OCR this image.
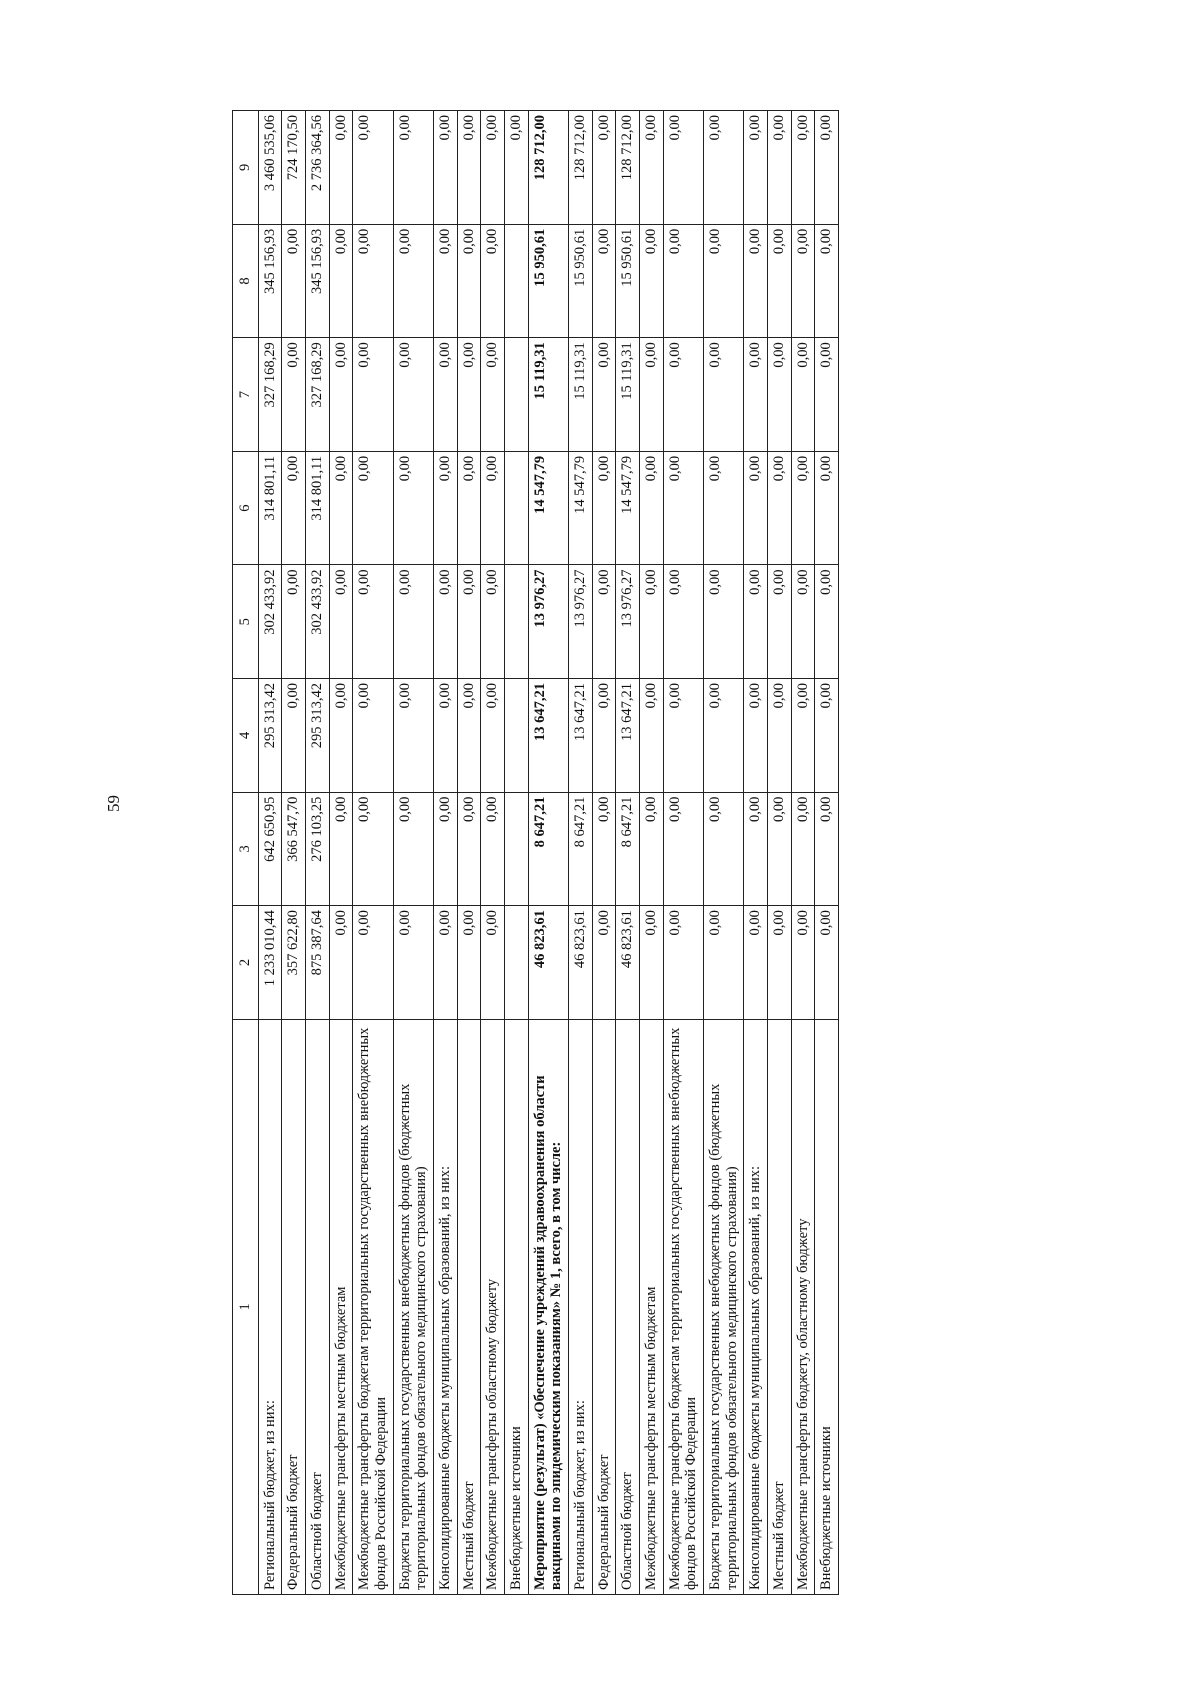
59
1	2	3	4	5	6	7	8	9
Региональный бюджет, из них:	1 233 010,44	642 650,95	295 313,42	302 433,92	314 801,11	327 168,29	345 156,93	3 460 535,06
Федеральный бюджет	357 622,80	366 547,70	0,00	0,00	0,00	0,00	0,00	724 170,50
Областной бюджет	875 387,64	276 103,25	295 313,42	302 433,92	314 801,11	327 168,29	345 156,93	2 736 364,56
Межбюджетные трансферты местным бюджетам	0,00	0,00	0,00	0,00	0,00	0,00	0,00	0,00
Межбюджетные трансферты бюджетам территориальных государственных внебюджетных фондов Российской Федерации	0,00	0,00	0,00	0,00	0,00	0,00	0,00	0,00
Бюджеты территориальных государственных внебюджетных фондов (бюджетных территориальных фондов обязательного медицинского страхования)	0,00	0,00	0,00	0,00	0,00	0,00	0,00	0,00
Консолидированные бюджеты муниципальных образований, из них:	0,00	0,00	0,00	0,00	0,00	0,00	0,00	0,00
Местный бюджет	0,00	0,00	0,00	0,00	0,00	0,00	0,00	0,00
Межбюджетные трансферты областному бюджету	0,00	0,00	0,00	0,00	0,00	0,00	0,00	0,00
Внебюджетные источники								0,00
Мероприятие (результат) «Обеспечение учреждений здравоохранения области вакцинами по эпидемическим показаниям» № 1, всего, в том числе:	46 823,61	8 647,21	13 647,21	13 976,27	14 547,79	15 119,31	15 950,61	128 712,00
Региональный бюджет, из них:	46 823,61	8 647,21	13 647,21	13 976,27	14 547,79	15 119,31	15 950,61	128 712,00
Федеральный бюджет	0,00	0,00	0,00	0,00	0,00	0,00	0,00	0,00
Областной бюджет	46 823,61	8 647,21	13 647,21	13 976,27	14 547,79	15 119,31	15 950,61	128 712,00
Межбюджетные трансферты местным бюджетам	0,00	0,00	0,00	0,00	0,00	0,00	0,00	0,00
Межбюджетные трансферты бюджетам территориальных государственных внебюджетных фондов Российской Федерации	0,00	0,00	0,00	0,00	0,00	0,00	0,00	0,00
Бюджеты территориальных государственных внебюджетных фондов (бюджетных территориальных фондов обязательного медицинского страхования)	0,00	0,00	0,00	0,00	0,00	0,00	0,00	0,00
Консолидированные бюджеты муниципальных образований, из них:	0,00	0,00	0,00	0,00	0,00	0,00	0,00	0,00
Местный бюджет	0,00	0,00	0,00	0,00	0,00	0,00	0,00	0,00
Межбюджетные трансферты бюджету, областному бюджету	0,00	0,00	0,00	0,00	0,00	0,00	0,00	0,00
Внебюджетные источники	0,00	0,00	0,00	0,00	0,00	0,00	0,00	0,00
